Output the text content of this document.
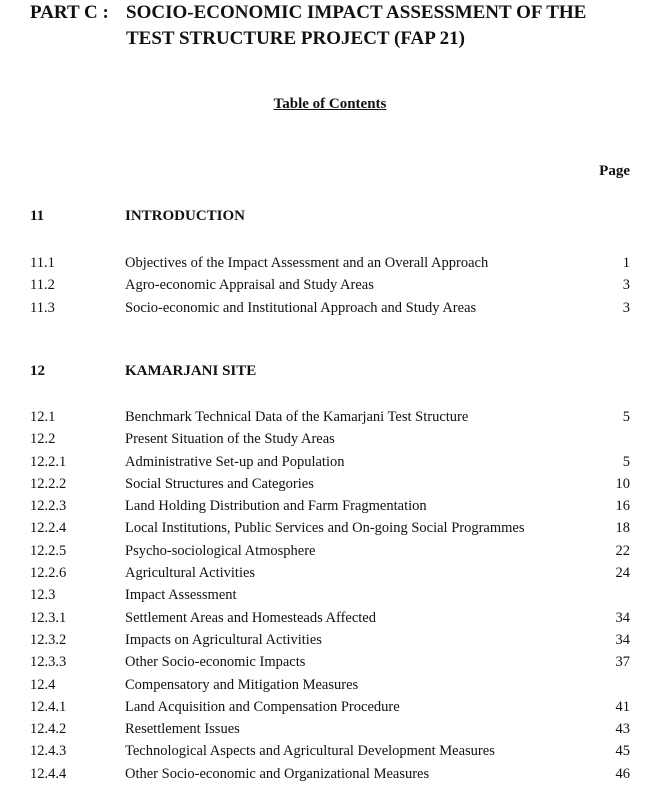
PART C : SOCIO-ECONOMIC IMPACT ASSESSMENT OF THE
TEST STRUCTURE PROJECT (FAP 21)
Table of Contents
Page
11	INTRODUCTION
11.1	Objectives of the Impact Assessment and an Overall Approach	1
11.2	Agro-economic Appraisal and Study Areas	3
11.3	Socio-economic and Institutional Approach and Study Areas	3
12	KAMARJANI SITE
12.1	Benchmark Technical Data of the Kamarjani Test Structure	5
12.2	Present Situation of the Study Areas
12.2.1	Administrative Set-up and Population	5
12.2.2	Social Structures and Categories	10
12.2.3	Land Holding Distribution and Farm Fragmentation	16
12.2.4	Local Institutions, Public Services and On-going Social Programmes	18
12.2.5	Psycho-sociological Atmosphere	22
12.2.6	Agricultural Activities	24
12.3	Impact Assessment
12.3.1	Settlement Areas and Homesteads Affected	34
12.3.2	Impacts on Agricultural Activities	34
12.3.3	Other Socio-economic Impacts	37
12.4	Compensatory and Mitigation Measures
12.4.1	Land Acquisition and Compensation Procedure	41
12.4.2	Resettlement Issues	43
12.4.3	Technological Aspects and Agricultural Development Measures	45
12.4.4	Other Socio-economic and Organizational Measures	46
